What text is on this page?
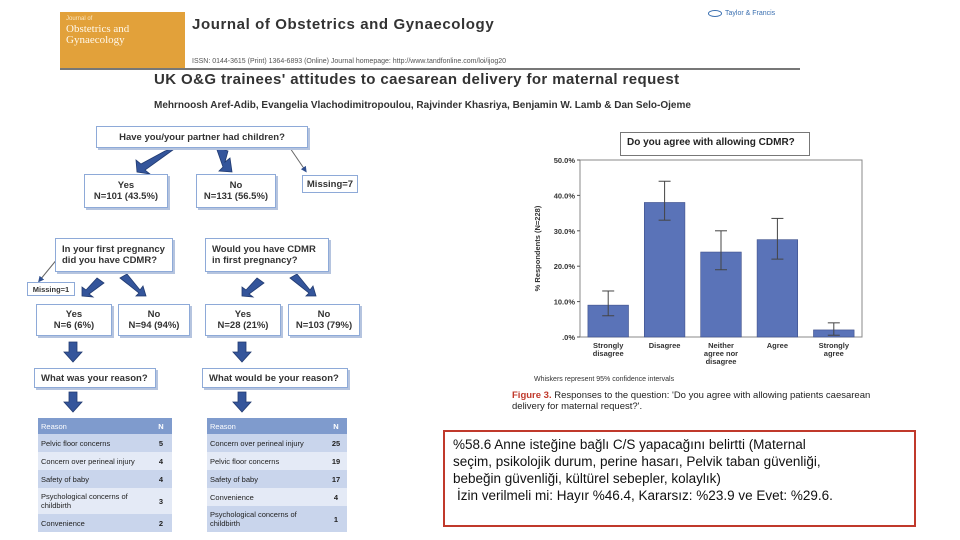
Journal of
Obstetrics and Gynaecology
Journal of Obstetrics and Gynaecology
Taylor & Francis
ISSN: 0144-3615 (Print) 1364-6893 (Online) Journal homepage: http://www.tandfonline.com/loi/ijog20
UK O&G trainees' attitudes to caesarean delivery for maternal request
Mehrnoosh Aref-Adib, Evangelia Vlachodimitropoulou, Rajvinder Khasriya, Benjamin W. Lamb & Dan Selo-Ojeme
.0%
10.0%
20.0%
30.0%
40.0%
50.0%
% Respondents (N=228)
Strongly disagree
Disagree	Neither agree nor disagree
Agree	Strongly agree
Have you/your partner had children?
Yes
N=101 (43.5%)
No
N=131 (56.5%)
Missing=7
In your first pregnancy did you have CDMR?
Would you have CDMR in first pregnancy?
Missing=1
Yes
N=6 (6%)
No
N=94 (94%)
Yes
N=28 (21%)
No
N=103 (79%)
What was your reason?	What would be your reason?
Reason	N
Pelvic floor concerns	5
Concern over perineal injury	4
Safety of baby	4
Psychological concerns of childbirth	3
Convenience	2
Reason	N
Concern over perineal injury	25
Pelvic floor concerns	19
Safety of baby	17
Convenience	4
Psychological concerns of childbirth	1
Do you agree with allowing CDMR?
Whiskers represent 95% confidence intervals
Figure 3. Responses to the question: 'Do you agree with allowing patients caesarean delivery for maternal request?'.
%58.6 Anne isteğine bağlı C/S yapacağını belirtti (Maternal
seçim, psikolojik durum, perine hasarı, Pelvik taban güvenliği,
bebeğin güvenliği, kültürel sebepler, kolaylık)
İzin verilmeli mi: Hayır %46.4, Kararsız: %23.9 ve Evet: %29.6.
